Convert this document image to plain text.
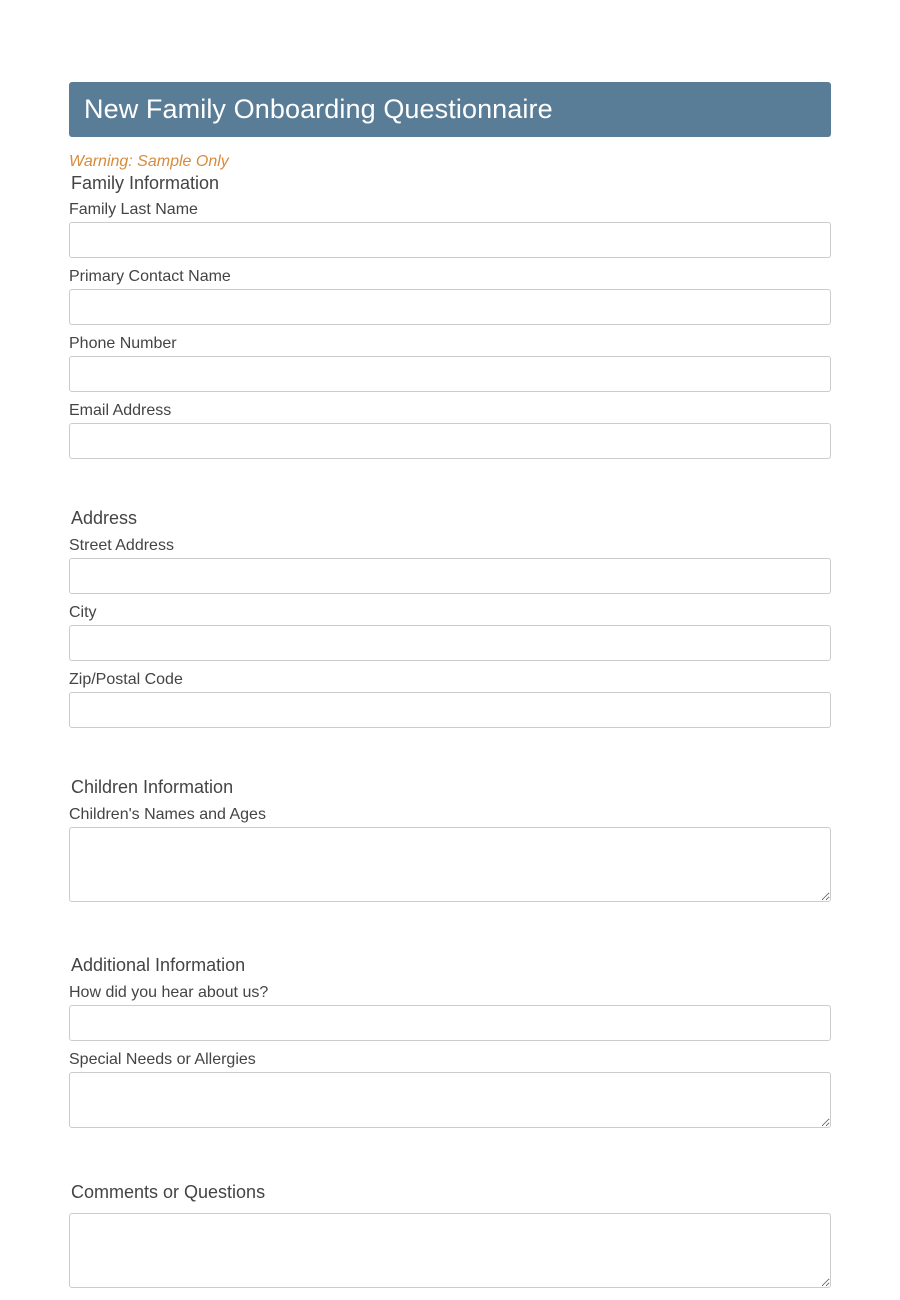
New Family Onboarding Questionnaire
Warning: Sample Only
Family Information
Family Last Name
Primary Contact Name
Phone Number
Email Address
Address
Street Address
City
Zip/Postal Code
Children Information
Children's Names and Ages
Additional Information
How did you hear about us?
Special Needs or Allergies
Comments or Questions
